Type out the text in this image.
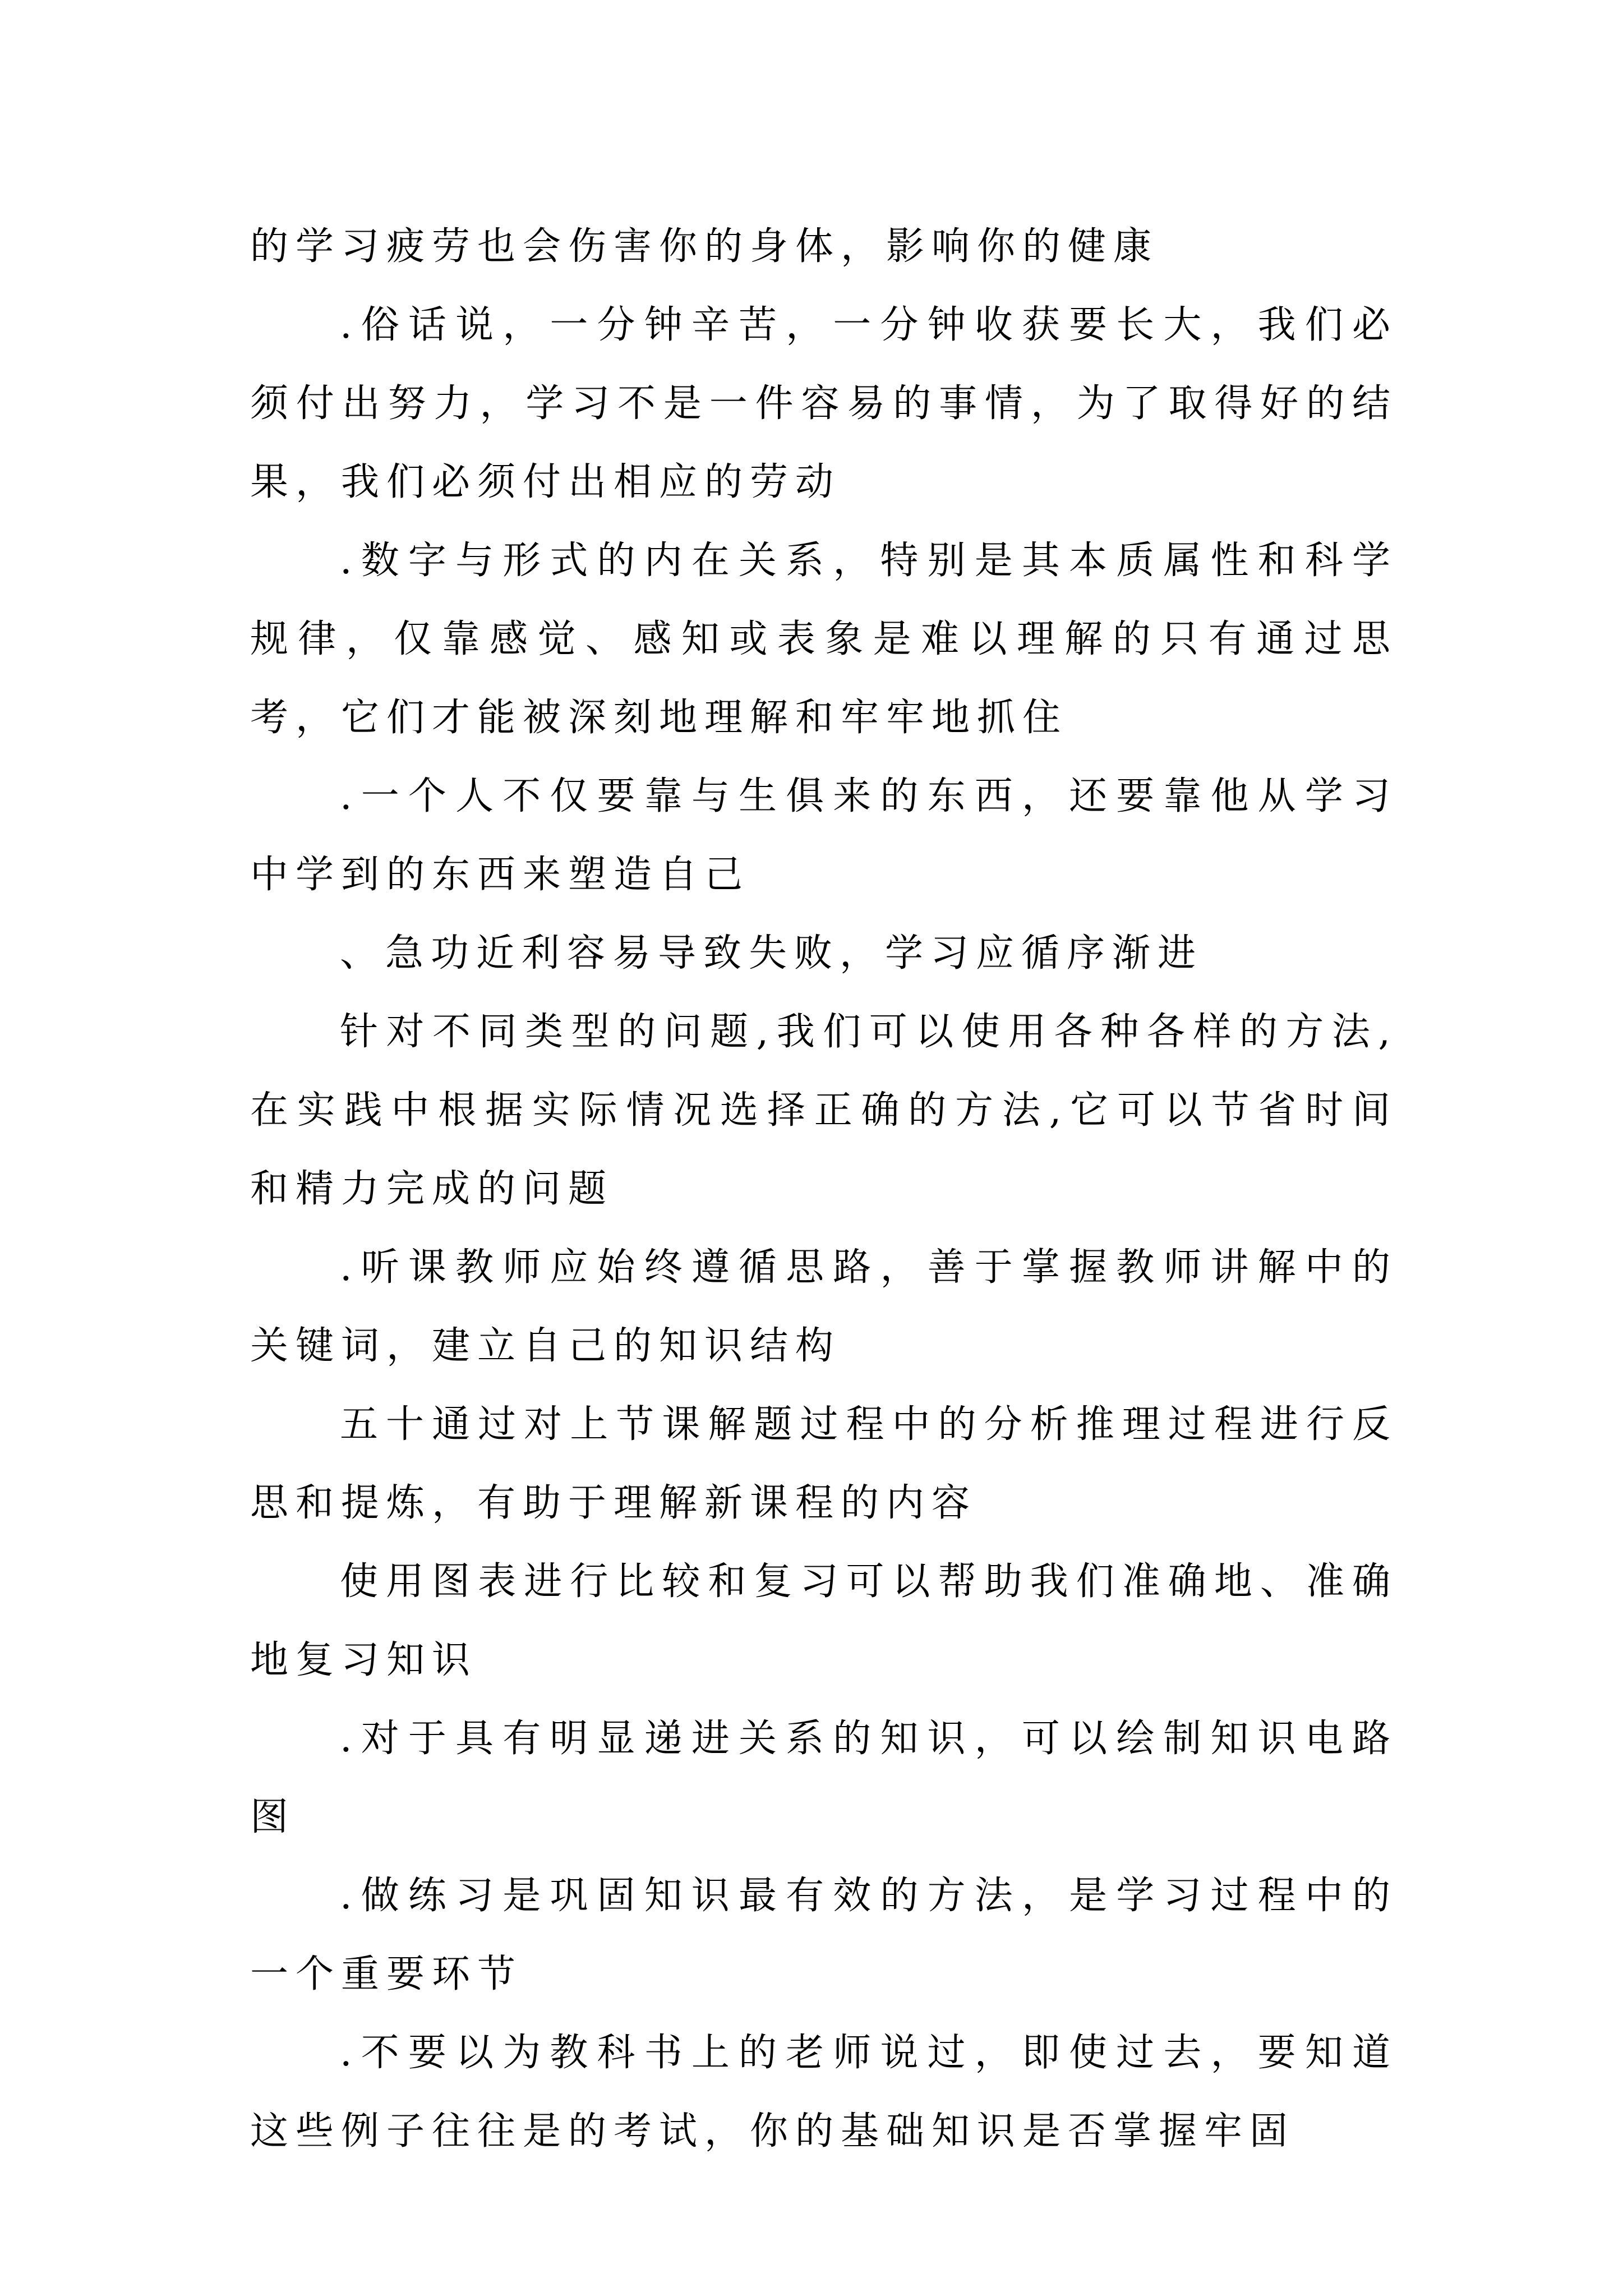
的学习疲劳也会伤害你的身体，影响你的健康

.俗话说，一分钟辛苦，一分钟收获要长大，我们必须付出努力，学习不是一件容易的事情，为了取得好的结果，我们必须付出相应的劳动

.数字与形式的内在关系，特别是其本质属性和科学规律，仅靠感觉、感知或表象是难以理解的只有通过思考，它们才能被深刻地理解和牢牢地抓住

.一个人不仅要靠与生俱来的东西，还要靠他从学习中学到的东西来塑造自己

、急功近利容易导致失败，学习应循序渐进

针对不同类型的问题,我们可以使用各种各样的方法,在实践中根据实际情况选择正确的方法,它可以节省时间和精力完成的问题

.听课教师应始终遵循思路，善于掌握教师讲解中的关键词，建立自己的知识结构

五十通过对上节课解题过程中的分析推理过程进行反思和提炼，有助于理解新课程的内容

使用图表进行比较和复习可以帮助我们准确地、准确地复习知识

.对于具有明显递进关系的知识，可以绘制知识电路图

.做练习是巩固知识最有效的方法，是学习过程中的一个重要环节

.不要以为教科书上的老师说过，即使过去，要知道这些例子往往是的考试，你的基础知识是否掌握牢固
